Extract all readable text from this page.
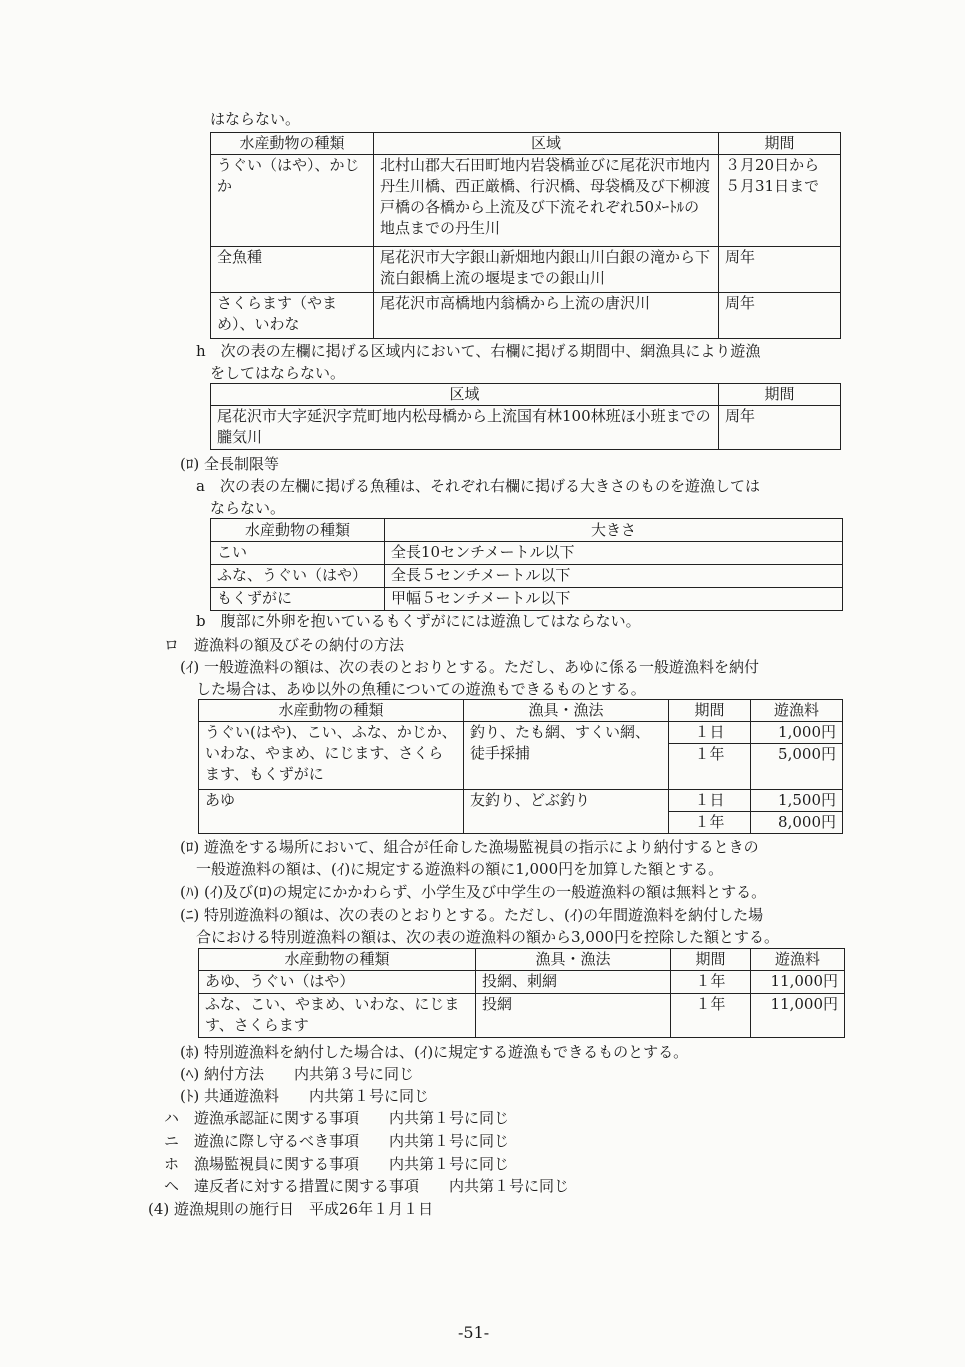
はならない。
水産動物の種類	区域	期間
うぐい（はや）、かじか	北村山郡大石田町地内岩袋橋並びに尾花沢市地内丹生川橋、西正厳橋、行沢橋、母袋橋及び下柳渡戸橋の各橋から上流及び下流それぞれ50ﾒｰﾄﾙの地点までの丹生川	３月20日から５月31日まで
全魚種	尾花沢市大字銀山新畑地内銀山川白銀の滝から下流白銀橋上流の堰堤までの銀山川	周年
さくらます（やまめ）、いわな	尾花沢市高橋地内翁橋から上流の唐沢川	周年
h　次の表の左欄に掲げる区域内において、右欄に掲げる期間中、網漁具により遊漁
をしてはならない。
区域	期間
尾花沢市大字延沢字荒町地内松母橋から上流国有林100林班ほ小班までの朧気川	周年
(ﾛ) 全長制限等
a　次の表の左欄に掲げる魚種は、それぞれ右欄に掲げる大きさのものを遊漁しては
ならない。
水産動物の種類	大きさ
こい	全長10センチメートル以下
ふな、うぐい（はや）	全長５センチメートル以下
もくずがに	甲幅５センチメートル以下
b　腹部に外卵を抱いているもくずがにには遊漁してはならない。
ロ　遊漁料の額及びその納付の方法
(ｲ) 一般遊漁料の額は、次の表のとおりとする。ただし、あゆに係る一般遊漁料を納付
した場合は、あゆ以外の魚種についての遊漁もできるものとする。
水産動物の種類	漁具・漁法	期間	遊漁料
うぐい(はや)、こい、ふな、かじか、いわな、やまめ、にじます、さくらます、もくずがに	釣り、たも網、すくい網、徒手採捕	１日	1,000円
		１年	5,000円
あゆ	友釣り、どぶ釣り	１日	1,500円
		１年	8,000円
(ﾛ) 遊漁をする場所において、組合が任命した漁場監視員の指示により納付するときの
一般遊漁料の額は、(ｲ)に規定する遊漁料の額に1,000円を加算した額とする。
(ﾊ) (ｲ)及び(ﾛ)の規定にかかわらず、小学生及び中学生の一般遊漁料の額は無料とする。
(ﾆ) 特別遊漁料の額は、次の表のとおりとする。ただし、(ｲ)の年間遊漁料を納付した場
合における特別遊漁料の額は、次の表の遊漁料の額から3,000円を控除した額とする。
水産動物の種類	漁具・漁法	期間	遊漁料
あゆ、うぐい（はや）	投網、刺網	１年	11,000円
ふな、こい、やまめ、いわな、にじます、さくらます	投網	１年	11,000円
(ﾎ) 特別遊漁料を納付した場合は、(ｲ)に規定する遊漁もできるものとする。
(ﾍ) 納付方法　　内共第３号に同じ
(ﾄ) 共通遊漁料　　内共第１号に同じ
ハ　遊漁承認証に関する事項　　内共第１号に同じ
ニ　遊漁に際し守るべき事項　　内共第１号に同じ
ホ　漁場監視員に関する事項　　内共第１号に同じ
ヘ　違反者に対する措置に関する事項　　内共第１号に同じ
(4) 遊漁規則の施行日　平成26年１月１日
-51-
